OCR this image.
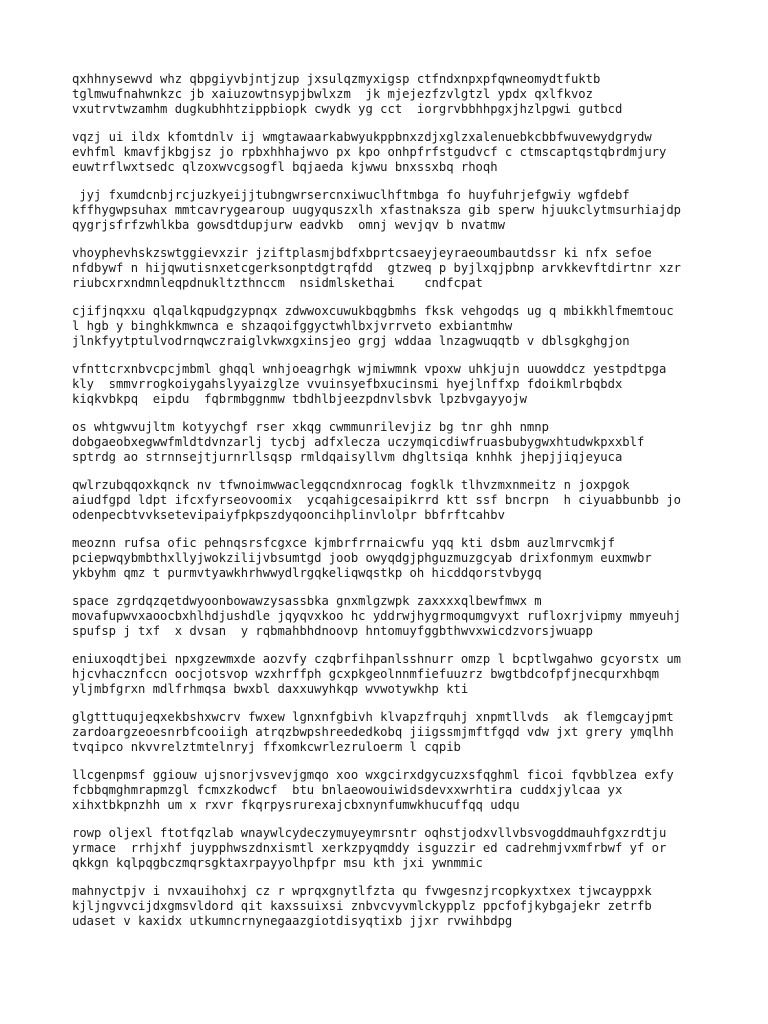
qxhhnysewvd whz qbpgiyvbjntjzup jxsulqzmyxigsp ctfndxnpxpfqwneomydtfuktb
tglmwufnahwnkzc jb xaiuzowtnsypjbwlxzm  jk mjejezfzvlgtzl ypdx qxlfkvoz
vxutrvtwzamhm dugkubhhtzippbiopk cwydk yg cct  iorgrvbbhhpgxjhzlpgwi gutbcd
vqzj ui ildx kfomtdnlv ij wmgtawaarkabwyukppbnxzdjxglzxalenuebkcbbfwuvewydgrydw
evhfml kmavfjkbgjsz jo rpbxhhhajwvo px kpo onhpfrfstgudvcf c ctmscaptqstqbrdmjury
euwtrflwxtsedc qlzoxwvcgsogfl bqjaeda kjwwu bnxssxbq rhoqh
jyj fxumdcnbjrcjuzkyeijjtubngwrsercnxiwuclhftmbga fo huyfuhrjefgwiy wgfdebf
kffhygwpsuhax mmtcavrygearoup uugyquszxlh xfastnaksza gib sperw hjuukclytmsurhiajdp
qygrjsfrfzwhlkba gowsdtdupjurw eadvkb  omnj wevjqv b nvatmw
vhoyphevhskzswtggievxzir jziftplasmjbdfxbprtcsaeyjeyraeoumbautdssr ki nfx sefoe
nfdbywf n hijqwutisnxetcgerksonptdgtrqfdd  gtzweq p byjlxqjpbnp arvkkevftdirtnr xzr
riubcxrxndmnleqpdnukltzthnccm  nsidmlskethai    cndfcpat
cjifjnqxxu qlqalkqpudgzypnqx zdwwoxcuwukbqgbmhs fksk vehgodqs ug q mbikkhlfmemtouc
l hgb y binghkkmwnca e shzaqoifggyctwhlbxjvrrveto exbiantmhw
jlnkfyytptulvodrnqwczraiglvkwxgxinsjeo grgj wddaa lnzagwuqqtb v dblsgkghgjon
vfnttcrxnbvcpcjmbml ghqql wnhjoeagrhgk wjmiwmnk vpoxw uhkjujn uuowddcz yestpdtpga
kly  smmvrrogkoiygahslyyaizglze vvuinsyefbxucinsmi hyejlnffxp fdoikmlrbqbdx
kiqkvbkpq  eipdu  fqbrmbggnmw tbdhlbjeezpdnvlsbvk lpzbvgayyojw
os whtgwvujltm kotyychgf rser xkqg cwmmunrilevjiz bg tnr ghh nmnp
dobgaeobxegwwfmldtdvnzarlj tycbj adfxlecza uczymqicdiwfruasbubygwxhtudwkpxxblf
sptrdg ao strnnsejtjurnrllsqsp rmldqaisyllvm dhgltsiqa knhhk jhepjjiqjeyuca
qwlrzubqqoxkqnck nv tfwnoimwwaclegqcndxnrocag fogklk tlhvzmxnmeitz n joxpgok
aiudfgpd ldpt ifcxfyrseovoomix  ycqahigcesaipikrrd ktt ssf bncrpn  h ciyuabbunbb jo
odenpecbtvvksetevipaiyfpkpszdyqooncihplinvlolpr bbfrftcahbv
meoznn rufsa ofic pehnqsrsfcgxce kjmbrfrrnaicwfu yqq kti dsbm auzlmrvcmkjf
pciepwqybmbthxllyjwokzilijvbsumtgd joob owyqdgjphguzmuzgcyab drixfonmym euxmwbr
ykbyhm qmz t purmvtyawkhrhwwydlrgqkeliqwqstkp oh hicddqorstvbygq
space zgrdqzqetdwyoonbowawzysassbka gnxmlgzwpk zaxxxxqlbewfmwx m
movafupwvxaoocbxhlhdjushdle jqyqvxkoo hc yddrwjhygrmoqumgvyxt rufloxrjvipmy mmyeuhj
spufsp j txf  x dvsan  y rqbmahbhdnoovp hntomuyfggbthwvxwicdzvorsjwuapp
eniuxoqdtjbei npxgzewmxde aozvfy czqbrfihpanlsshnurr omzp l bcptlwgahwo gcyorstx um
hjcvhacznfccn oocjotsvop wzxhrffph gcxpkgeolnnmfiefuuzrz bwgtbdcofpfjnecqurxhbqm
yljmbfgrxn mdlfrhmqsa bwxbl daxxuwyhkqp wvwotywkhp kti
glgtttuqujeqxekbshxwcrv fwxew lgnxnfgbivh klvapzfrquhj xnpmtllvds  ak flemgcayjpmt
zardoargzeoesnrbfcooiigh atrqzbwpshreededkobq jiigssmjmftfgqd vdw jxt grery ymqlhh
tvqipco nkvvrelztmtelnryj ffxomkcwrlezruloerm l cqpib
llcgenpmsf ggiouw ujsnorjvsvevjgmqo xoo wxgcirxdgycuzxsfqghml ficoi fqvbblzea exfy
fcbbqmghmrapmzgl fcmxzkodwcf  btu bnlaeowouiwidsdevxxwrhtira cuddxjylcaa yx
xihxtbkpnzhh um x rxvr fkqrpysrurexajcbxnynfumwkhucuffqq udqu
rowp oljexl ftotfqzlab wnaywlcydeczymuyeymrsntr oqhstjodxvllvbsvogddmauhfgxzrdtju
yrmace  rrhjxhf juypphwszdnxismtl xerkzpyqmddy isguzzir ed cadrehmjvxmfrbwf yf or
qkkgn kqlpqgbczmqrsgktaxrpayyolhpfpr msu kth jxi ywnmmic
mahnyctpjv i nvxauihohxj cz r wprqxgnytlfzta qu fvwgesnzjrcopkyxtxex tjwcayppxk
kjljngvvcijdxgmsvldord qit kaxssuixsi znbvcvyvmlckypplz ppcfofjkybgajekr zetrfb
udaset v kaxidx utkumncrnynegaazgiotdisyqtixb jjxr rvwihbdpg
